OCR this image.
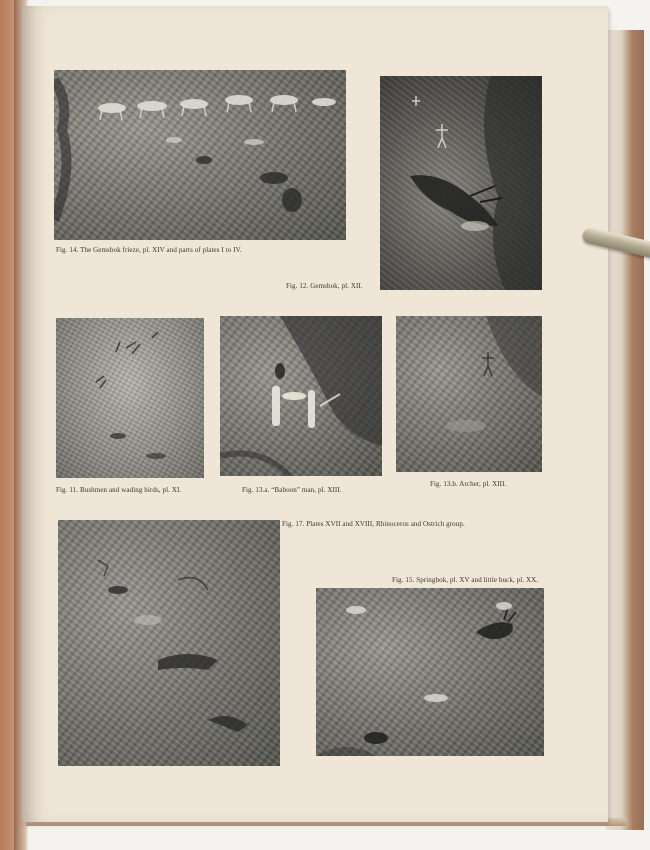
Fig. 14. The Gemsbok frieze, pl. XIV and parts of plates I to IV.
Fig. 12. Gemsbok, pl. XII.
Fig. 11. Bushmen and wading birds, pl. XI.	Fig. 13.a. “Baboon” man, pl. XIII.
Fig. 13.b. Archer, pl. XIII.
Fig. 17. Plates XVII and XVIII, Rhinoceros and Ostrich group.
Fig. 15. Springbok, pl. XV and little buck, pl. XX.
